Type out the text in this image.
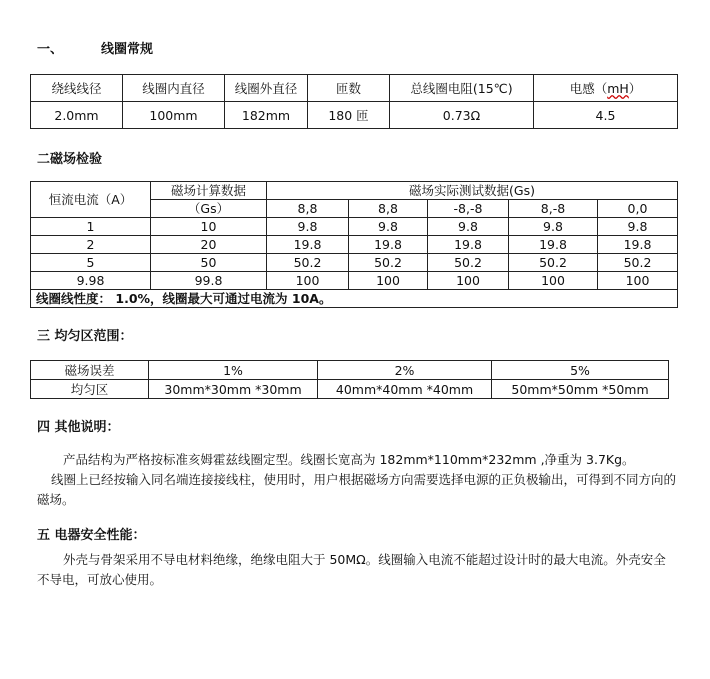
一、	线圈常规
绕线线径	线圈内直径	线圈外直径	匝数	总线圈电阻(15℃)	电感（mH）
2.0mm	100mm	182mm	180 匝	0.73Ω	4.5
二磁场检验
恒流电流（A）	磁场计算数据	磁场实际测试数据(Gs)				
	（Gs）	8,8	8,8	-8,-8	8,-8	0,0
1	10	9.8	9.8	9.8	9.8	9.8
2	20	19.8	19.8	19.8	19.8	19.8
5	50	50.2	50.2	50.2	50.2	50.2
9.98	99.8	100	100	100	100	100
线圈线性度： 1.0%，线圈最大可通过电流为 10A。						
三 均匀区范围：
磁场误差	1%	2%	5%
均匀区	30mm*30mm *30mm	40mm*40mm *40mm	50mm*50mm *50mm
四 其他说明：
产品结构为严格按标准亥姆霍兹线圈定型。线圈长宽高为 182mm*110mm*232mm ,净重为 3.7Kg。
线圈上已经按输入同名端连接接线柱，使用时，用户根据磁场方向需要选择电源的正负极输出，可得到不同方向的磁场。
五 电器安全性能：
外壳与骨架采用不导电材料绝缘，绝缘电阻大于 50MΩ。线圈输入电流不能超过设计时的最大电流。外壳安全不导电，可放心使用。
